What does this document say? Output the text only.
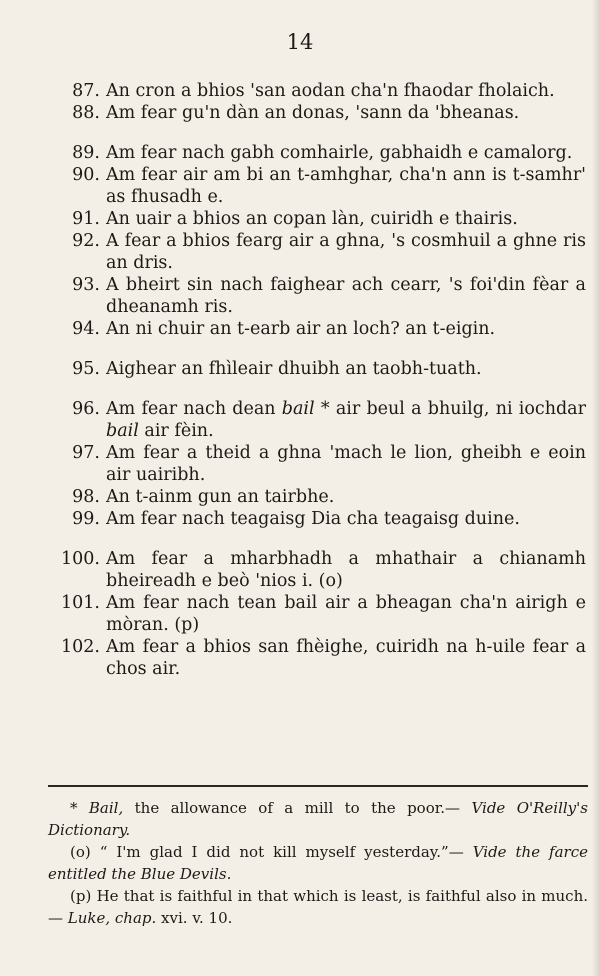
14
87. An cron a bhios 'san aodan cha'n fhaodar fholaich.
88. Am fear gu'n dàn an donas, 'sann da 'bheanas.
89. Am fear nach gabh comhairle, gabhaidh e camalorg.
90. Am fear air am bi an t-amhghar, cha'n ann is t-samhr' as fhusadh e.
91. An uair a bhios an copan làn, cuiridh e thairis.
92. A fear a bhios fearg air a ghna, 's cosmhuil a ghne ris an dris.
93. A bheirt sin nach faighear ach cearr, 's foi'din fèar a dheanamh ris.
94. An ni chuir an t-earb air an loch? an t-eigin.
95. Aighear an fhìleair dhuibh an taobh-tuath.
96. Am fear nach dean bail * air beul a bhuilg, ni iochdar bail air fèin.
97. Am fear a theid a ghna 'mach le lion, gheibh e eoin air uairibh.
98. An t-ainm gun an tairbhe.
99. Am fear nach teagaisg Dia cha teagaisg duine.
100. Am fear a mharbhadh a mhathair a chianamh bheireadh e beò 'nios i. (o)
101. Am fear nach tean bail air a bheagan cha'n airigh e mòran. (p)
102. Am fear a bhios san fhèighe, cuiridh na h-uile fear a chos air.
* Bail, the allowance of a mill to the poor.— Vide O'Reilly's Dictionary.
(o) “ I'm glad I did not kill myself yesterday.”— Vide the farce entitled the Blue Devils.
(p) He that is faithful in that which is least, is faithful also in much.— Luke, chap. xvi. v. 10.
